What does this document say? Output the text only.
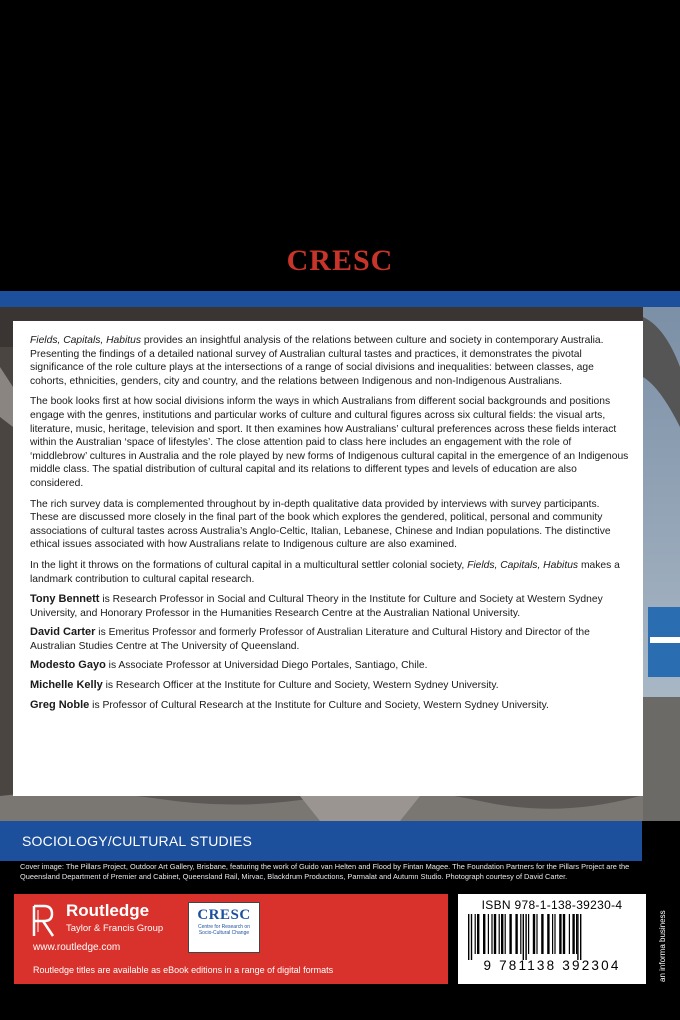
CRESC

Fields, Capitals, Habitus provides an insightful analysis of the relations between culture and society in contemporary Australia. Presenting the findings of a detailed national survey of Australian cultural tastes and practices, it demonstrates the pivotal significance of the role culture plays at the intersections of a range of social divisions and inequalities: between classes, age cohorts, ethnicities, genders, city and country, and the relations between Indigenous and non-Indigenous Australians.

The book looks first at how social divisions inform the ways in which Australians from different social backgrounds and positions engage with the genres, institutions and particular works of culture and cultural figures across six cultural fields: the visual arts, literature, music, heritage, television and sport. It then examines how Australians’ cultural preferences across these fields interact within the Australian ‘space of lifestyles’. The close attention paid to class here includes an engagement with the role of ‘middlebrow’ cultures in Australia and the role played by new forms of Indigenous cultural capital in the emergence of an Indigenous middle class. The spatial distribution of cultural capital and its relations to different types and levels of education are also considered.

The rich survey data is complemented throughout by in-depth qualitative data provided by interviews with survey participants. These are discussed more closely in the final part of the book which explores the gendered, political, personal and community associations of cultural tastes across Australia’s Anglo-Celtic, Italian, Lebanese, Chinese and Indian populations. The distinctive ethical issues associated with how Australians relate to Indigenous culture are also examined.

In the light it throws on the formations of cultural capital in a multicultural settler colonial society, Fields, Capitals, Habitus makes a landmark contribution to cultural capital research.

Tony Bennett is Research Professor in Social and Cultural Theory in the Institute for Culture and Society at Western Sydney University, and Honorary Professor in the Humanities Research Centre at the Australian National University.

David Carter is Emeritus Professor and formerly Professor of Australian Literature and Cultural History and Director of the Australian Studies Centre at The University of Queensland.

Modesto Gayo is Associate Professor at Universidad Diego Portales, Santiago, Chile.

Michelle Kelly is Research Officer at the Institute for Culture and Society, Western Sydney University.

Greg Noble is Professor of Cultural Research at the Institute for Culture and Society, Western Sydney University.

SOCIOLOGY/CULTURAL STUDIES
Cover image: The Pillars Project, Outdoor Art Gallery, Brisbane, featuring the work of Guido van Helten and Flood by Fintan Magee. The Foundation Partners for the Pillars Project are the Queensland Department of Premier and Cabinet, Queensland Rail, Mirvac, Blackdrum Productions, Parmalat and Autumn Studio. Photograph courtesy of David Carter.
Routledge
Taylor & Francis Group
www.routledge.com
Routledge titles are available as eBook editions in a range of digital formats
CRESC
Centre for Research on Socio-Cultural Change
ISBN 978-1-138-39230-4
9 781138 392304	an informa business
